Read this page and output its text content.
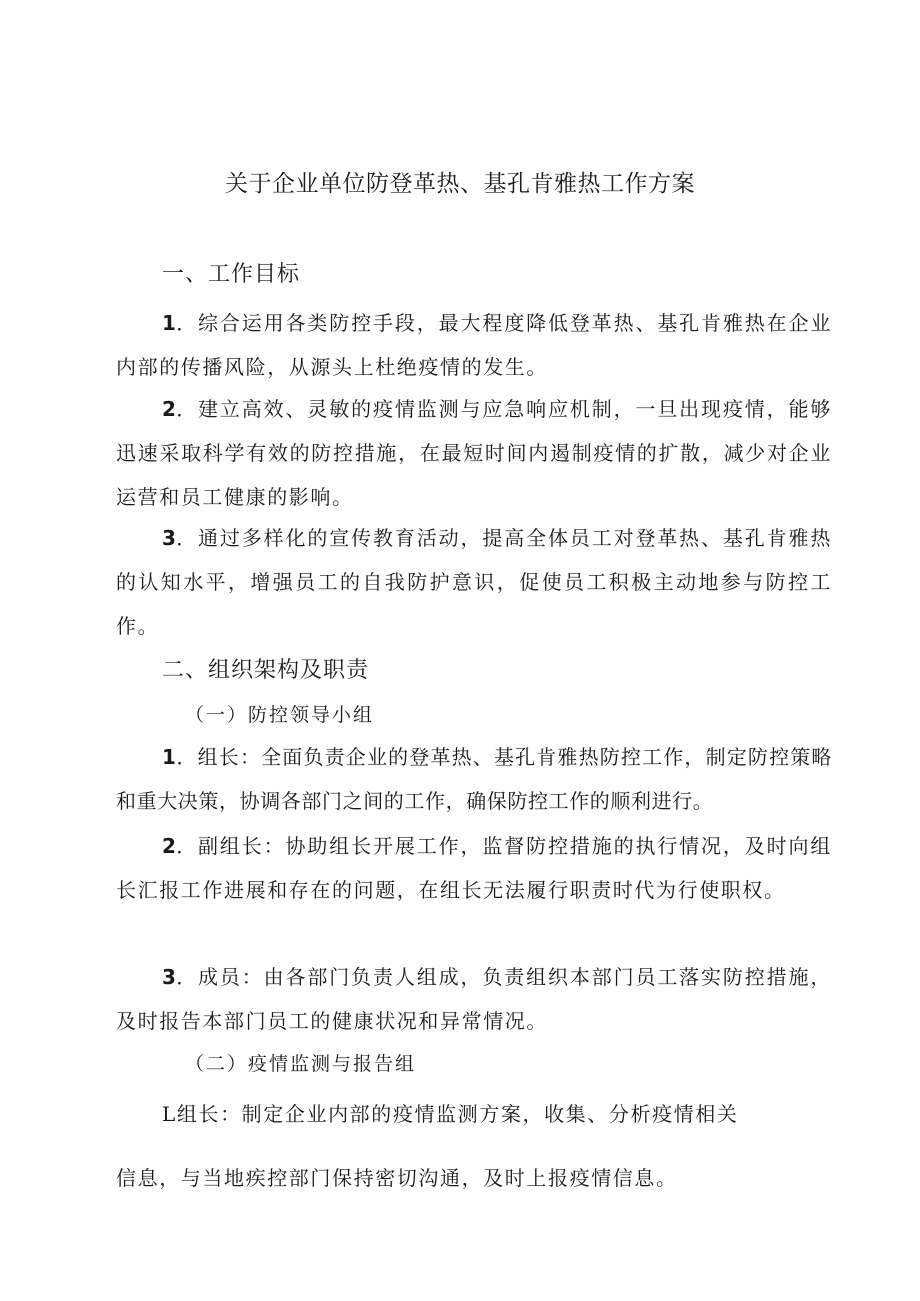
关于企业单位防登革热、基孔肯雅热工作方案
一、工作目标

1．综合运用各类防控手段，最大程度降低登革热、基孔肯雅热在企业内部的传播风险，从源头上杜绝疫情的发生。

2．建立高效、灵敏的疫情监测与应急响应机制，一旦出现疫情，能够迅速采取科学有效的防控措施，在最短时间内遏制疫情的扩散，减少对企业运营和员工健康的影响。

3．通过多样化的宣传教育活动，提高全体员工对登革热、基孔肯雅热的认知水平，增强员工的自我防护意识，促使员工积极主动地参与防控工作。

二、组织架构及职责
（一）防控领导小组

1．组长：全面负责企业的登革热、基孔肯雅热防控工作，制定防控策略和重大决策，协调各部门之间的工作，确保防控工作的顺利进行。

2．副组长：协助组长开展工作，监督防控措施的执行情况，及时向组长汇报工作进展和存在的问题，在组长无法履行职责时代为行使职权。

3．成员：由各部门负责人组成，负责组织本部门员工落实防控措施，及时报告本部门员工的健康状况和异常情况。

（二）疫情监测与报告组
L组长：制定企业内部的疫情监测方案，收集、分析疫情相关
信息，与当地疾控部门保持密切沟通，及时上报疫情信息。
